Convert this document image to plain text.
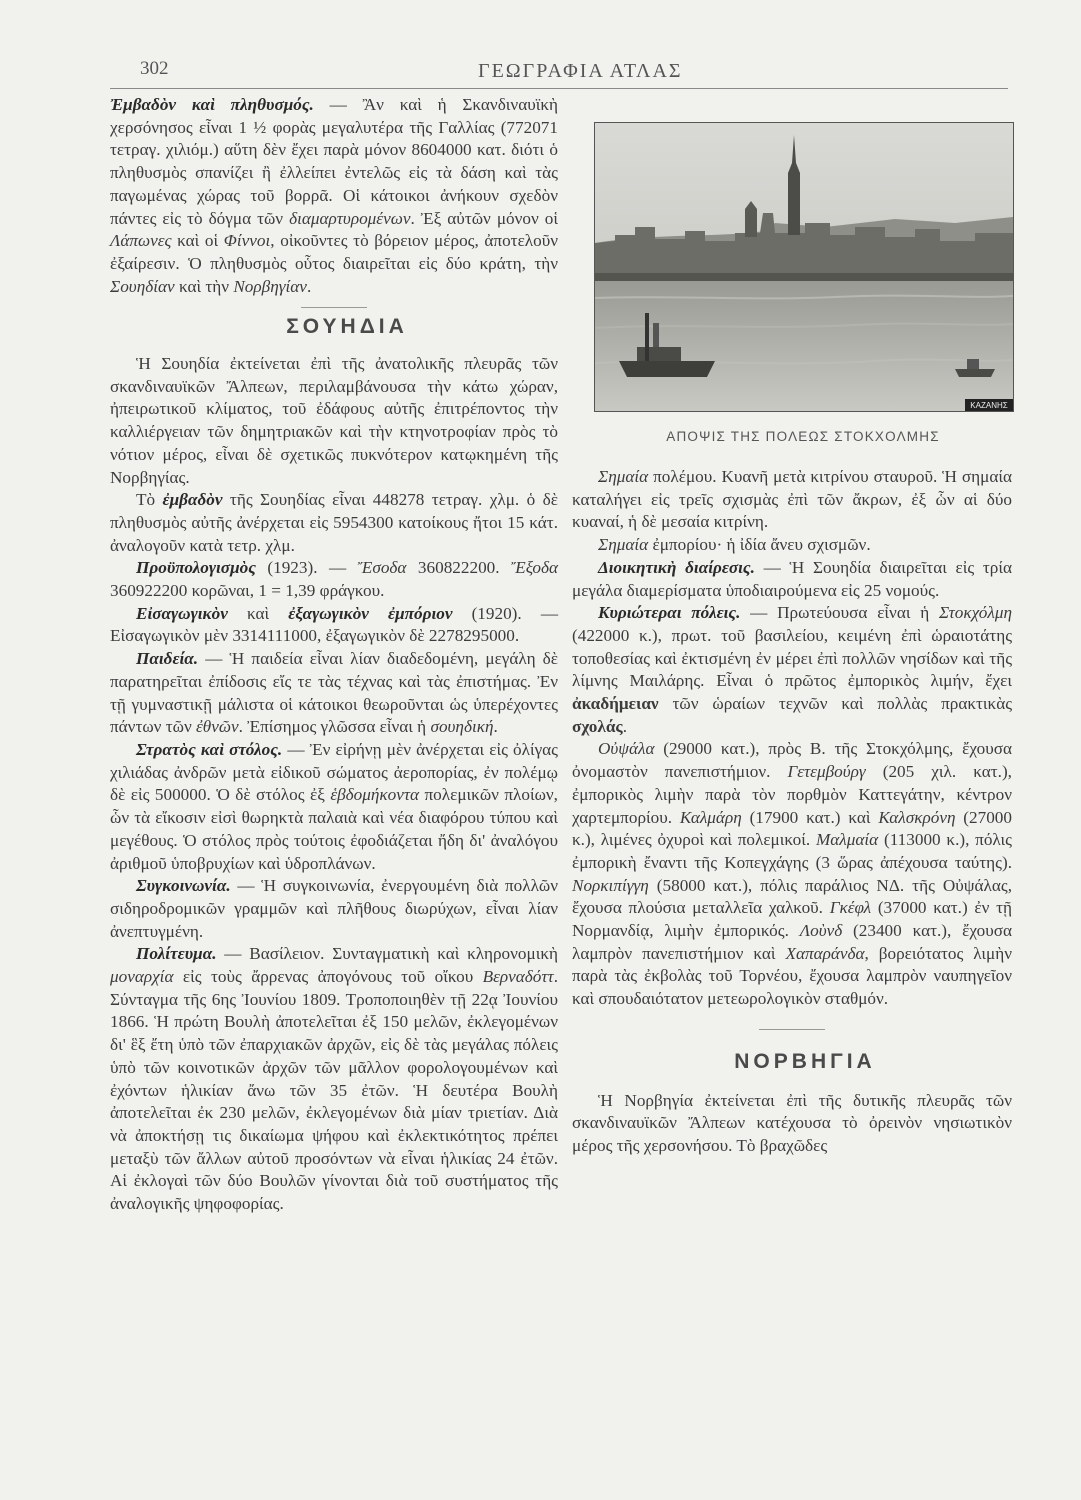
302	ΓΕΩΓΡΑΦΙΑ ΑΤΛΑΣ

Ἐμβαδὸν καὶ πληθυσμός. — Ἂν καὶ ἡ Σκανδιναυϊκὴ χερσόνησος εἶναι 1 ½ φορὰς μεγαλυτέρα τῆς Γαλλίας (772071 τετραγ. χιλιόμ.) αὕτη δὲν ἔχει παρὰ μόνον 8604000 κατ. διότι ὁ πληθυσμὸς σπανίζει ἢ ἐλλείπει ἐντελῶς εἰς τὰ δάση καὶ τὰς παγωμένας χώρας τοῦ βορρᾶ. Οἱ κάτοικοι ἀνήκουν σχεδὸν πάντες εἰς τὸ δόγμα τῶν διαμαρτυρομένων. Ἐξ αὐτῶν μόνον οἱ Λάπωνες καὶ οἱ Φίννοι, οἰκοῦντες τὸ βόρειον μέρος, ἀποτελοῦν ἐξαίρεσιν. Ὁ πληθυσμὸς οὗτος διαιρεῖται εἰς δύο κράτη, τὴν Σουηδίαν καὶ τὴν Νορβηγίαν.

ΣΟΥΗΔΙΑ

Ἡ Σουηδία ἐκτείνεται ἐπὶ τῆς ἀνατολικῆς πλευρᾶς τῶν σκανδιναυϊκῶν Ἄλπεων, περιλαμβάνουσα τὴν κάτω χώραν, ἠπειρωτικοῦ κλίματος, τοῦ ἐδάφους αὐτῆς ἐπιτρέποντος τὴν καλλιέργειαν τῶν δημητριακῶν καὶ τὴν κτηνοτροφίαν πρὸς τὸ νότιον μέρος, εἶναι δὲ σχετικῶς πυκνότερον κατῳκημένη τῆς Νορβηγίας.

Τὸ ἐμβαδὸν τῆς Σουηδίας εἶναι 448278 τετραγ. χλμ. ὁ δὲ πληθυσμὸς αὐτῆς ἀνέρχεται εἰς 5954300 κατοίκους ἤτοι 15 κάτ. ἀναλογοῦν κατὰ τετρ. χλμ.

Προϋπολογισμὸς (1923). — Ἔσοδα 360822200. Ἔξοδα 360922200 κορῶναι, 1 = 1,39 φράγκου.

Εἰσαγωγικὸν καὶ ἐξαγωγικὸν ἐμπόριον (1920). — Εἰσαγωγικὸν μὲν 3314111000, ἐξαγωγικὸν δὲ 2278295000.

Παιδεία. — Ἡ παιδεία εἶναι λίαν διαδεδομένη, μεγάλη δὲ παρατηρεῖται ἐπίδοσις εἴς τε τὰς τέχνας καὶ τὰς ἐπιστήμας. Ἐν τῇ γυμναστικῇ μάλιστα οἱ κάτοικοι θεωροῦνται ὡς ὑπερέχοντες πάντων τῶν ἐθνῶν. Ἐπίσημος γλῶσσα εἶναι ἡ σουηδική.

Στρατὸς καὶ στόλος. — Ἐν εἰρήνῃ μὲν ἀνέρχεται εἰς ὀλίγας χιλιάδας ἀνδρῶν μετὰ εἰδικοῦ σώματος ἀεροπορίας, ἐν πολέμῳ δὲ εἰς 500000. Ὁ δὲ στόλος ἐξ ἑβδομήκοντα πολεμικῶν πλοίων, ὧν τὰ εἴκοσιν εἰσὶ θωρηκτὰ παλαιὰ καὶ νέα διαφόρου τύπου καὶ μεγέθους. Ὁ στόλος πρὸς τούτοις ἐφοδιάζεται ἤδη δι' ἀναλόγου ἀριθμοῦ ὑποβρυχίων καὶ ὑδροπλάνων.

Συγκοινωνία. — Ἡ συγκοινωνία, ἐνεργουμένη διὰ πολλῶν σιδηροδρομικῶν γραμμῶν καὶ πλῆθους διωρύχων, εἶναι λίαν ἀνεπτυγμένη.

Πολίτευμα. — Βασίλειον. Συνταγματικὴ καὶ κληρονομικὴ μοναρχία εἰς τοὺς ἄρρενας ἀπογόνους τοῦ οἴκου Βερναδόττ. Σύνταγμα τῆς 6ης Ἰουνίου 1809. Τροποποιηθὲν τῇ 22ᾳ Ἰουνίου 1866. Ἡ πρώτη Βουλὴ ἀποτελεῖται ἐξ 150 μελῶν, ἐκλεγομένων δι' ἓξ ἔτη ὑπὸ τῶν ἐπαρχιακῶν ἀρχῶν, εἰς δὲ τὰς μεγάλας πόλεις ὑπὸ τῶν κοινοτικῶν ἀρχῶν τῶν μᾶλλον φορολογουμένων καὶ ἐχόντων ἡλικίαν ἄνω τῶν 35 ἐτῶν. Ἡ δευτέρα Βουλὴ ἀποτελεῖται ἐκ 230 μελῶν, ἐκλεγομένων διὰ μίαν τριετίαν. Διὰ νὰ ἀποκτήσῃ τις δικαίωμα ψήφου καὶ ἐκλεκτικότητος πρέπει μεταξὺ τῶν ἄλλων αὐτοῦ προσόντων νὰ εἶναι ἡλικίας 24 ἐτῶν. Αἱ ἐκλογαὶ τῶν δύο Βουλῶν γίνονται διὰ τοῦ συστήματος τῆς ἀναλογικῆς ψηφοφορίας.

ΚΑΖΑΝΗΣ
ΑΠΟΨΙΣ ΤΗΣ ΠΟΛΕΩΣ ΣΤΟΚΧΟΛΜΗΣ

Σημαία πολέμου. Κυανῆ μετὰ κιτρίνου σταυροῦ. Ἡ σημαία καταλήγει εἰς τρεῖς σχισμὰς ἐπὶ τῶν ἄκρων, ἐξ ὧν αἱ δύο κυαναί, ἡ δὲ μεσαία κιτρίνη.

Σημαία ἐμπορίου· ἡ ἰδία ἄνευ σχισμῶν.

Διοικητικὴ διαίρεσις. — Ἡ Σουηδία διαιρεῖται εἰς τρία μεγάλα διαμερίσματα ὑποδιαιρούμενα εἰς 25 νομούς.

Κυριώτεραι πόλεις. — Πρωτεύουσα εἶναι ἡ Στοκχόλμη (422000 κ.), πρωτ. τοῦ βασιλείου, κειμένη ἐπὶ ὡραιοτάτης τοποθεσίας καὶ ἐκτισμένη ἐν μέρει ἐπὶ πολλῶν νησίδων καὶ τῆς λίμνης Μαιλάρης. Εἶναι ὁ πρῶτος ἐμπορικὸς λιμήν, ἔχει ἀκαδήμειαν τῶν ὡραίων τεχνῶν καὶ πολλὰς πρακτικὰς σχολάς.

Οὐψάλα (29000 κατ.), πρὸς Β. τῆς Στοκχόλμης, ἔχουσα ὀνομαστὸν πανεπιστήμιον. Γετεμβούργ (205 χιλ. κατ.), ἐμπορικὸς λιμὴν παρὰ τὸν πορθμὸν Καττεγάτην, κέντρον χαρτεμπορίου. Καλμάρη (17900 κατ.) καὶ Καλσκρόνη (27000 κ.), λιμένες ὀχυροὶ καὶ πολεμικοί. Μαλμαία (113000 κ.), πόλις ἐμπορικὴ ἔναντι τῆς Κοπεγχάγης (3 ὥρας ἀπέχουσα ταύτης). Νορκιπίγγη (58000 κατ.), πόλις παράλιος ΝΔ. τῆς Οὐψάλας, ἔχουσα πλούσια μεταλλεῖα χαλκοῦ. Γκέφλ (37000 κατ.) ἐν τῇ Νορμανδίᾳ, λιμὴν ἐμπορικός. Λοὺνδ (23400 κατ.), ἔχουσα λαμπρὸν πανεπιστήμιον καὶ Χαπαράνδα, βορειότατος λιμὴν παρὰ τὰς ἐκβολὰς τοῦ Τορνέου, ἔχουσα λαμπρὸν ναυπηγεῖον καὶ σπουδαιότατον μετεωρολογικὸν σταθμόν.

ΝΟΡΒΗΓΙΑ

Ἡ Νορβηγία ἐκτείνεται ἐπὶ τῆς δυτικῆς πλευρᾶς τῶν σκανδιναυϊκῶν Ἄλπεων κατέχουσα τὸ ὀρεινὸν νησιωτικὸν μέρος τῆς χερσονήσου. Τὸ βραχῶδες
